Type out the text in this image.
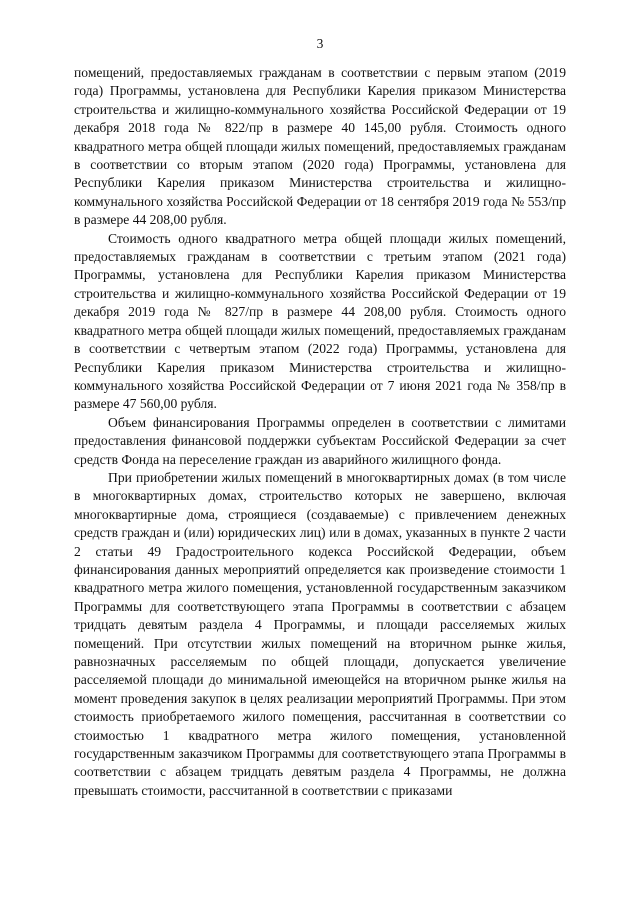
3

помещений, предоставляемых гражданам в соответствии с первым этапом (2019 года) Программы, установлена для Республики Карелия приказом Министерства строительства и жилищно-коммунального хозяйства Российской Федерации от 19 декабря 2018 года № 822/пр в размере 40 145,00 рубля. Стоимость одного квадратного метра общей площади жилых помещений, предоставляемых гражданам в соответствии со вторым этапом (2020 года) Программы, установлена для Республики Карелия приказом Министерства строительства и жилищно-коммунального хозяйства Российской Федерации от 18 сентября 2019 года № 553/пр в размере 44 208,00 рубля.

Стоимость одного квадратного метра общей площади жилых помещений, предоставляемых гражданам в соответствии с третьим этапом (2021 года) Программы, установлена для Республики Карелия приказом Министерства строительства и жилищно-коммунального хозяйства Российской Федерации от 19 декабря 2019 года № 827/пр в размере 44 208,00 рубля. Стоимость одного квадратного метра общей площади жилых помещений, предоставляемых гражданам в соответствии с четвертым этапом (2022 года) Программы, установлена для Республики Карелия приказом Министерства строительства и жилищно-коммунального хозяйства Российской Федерации от 7 июня 2021 года № 358/пр в размере 47 560,00 рубля.

Объем финансирования Программы определен в соответствии с лимитами предоставления финансовой поддержки субъектам Российской Федерации за счет средств Фонда на переселение граждан из аварийного жилищного фонда.

При приобретении жилых помещений в многоквартирных домах (в том числе в многоквартирных домах, строительство которых не завершено, включая многоквартирные дома, строящиеся (создаваемые) с привлечением денежных средств граждан и (или) юридических лиц) или в домах, указанных в пункте 2 части 2 статьи 49 Градостроительного кодекса Российской Федерации, объем финансирования данных мероприятий определяется как произведение стоимости 1 квадратного метра жилого помещения, установленной государственным заказчиком Программы для соответствующего этапа Программы в соответствии с абзацем тридцать девятым раздела 4 Программы, и площади расселяемых жилых помещений. При отсутствии жилых помещений на вторичном рынке жилья, равнозначных расселяемым по общей площади, допускается увеличение расселяемой площади до минимальной имеющейся на вторичном рынке жилья на момент проведения закупок в целях реализации мероприятий Программы. При этом стоимость приобретаемого жилого помещения, рассчитанная в соответствии со стоимостью 1 квадратного метра жилого помещения, установленной государственным заказчиком Программы для соответствующего этапа Программы в соответствии с абзацем тридцать девятым раздела 4 Программы, не должна превышать стоимости, рассчитанной в соответствии с приказами
